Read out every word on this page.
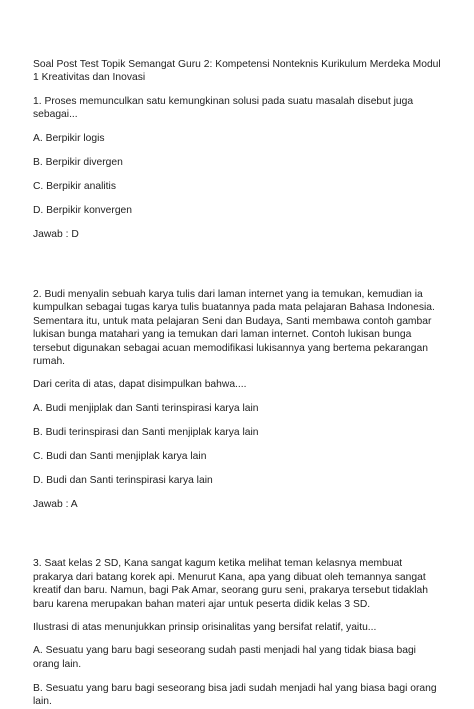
Soal Post Test Topik Semangat Guru 2: Kompetensi Nonteknis Kurikulum Merdeka Modul 1 Kreativitas dan Inovasi

1. Proses memunculkan satu kemungkinan solusi pada suatu masalah disebut juga sebagai...

A. Berpikir logis

B. Berpikir divergen

C. Berpikir analitis

D. Berpikir konvergen

Jawab : D

2. Budi menyalin sebuah karya tulis dari laman internet yang ia temukan, kemudian ia kumpulkan sebagai tugas karya tulis buatannya pada mata pelajaran Bahasa Indonesia. Sementara itu, untuk mata pelajaran Seni dan Budaya, Santi membawa contoh gambar lukisan bunga matahari yang ia temukan dari laman internet. Contoh lukisan bunga tersebut digunakan sebagai acuan memodifikasi lukisannya yang bertema pekarangan rumah.

Dari cerita di atas, dapat disimpulkan bahwa....

A. Budi menjiplak dan Santi terinspirasi karya lain

B. Budi terinspirasi dan Santi menjiplak karya lain

C. Budi dan Santi menjiplak karya lain

D. Budi dan Santi terinspirasi karya lain

Jawab : A

3. Saat kelas 2 SD, Kana sangat kagum ketika melihat teman kelasnya membuat prakarya dari batang korek api. Menurut Kana, apa yang dibuat oleh temannya sangat kreatif dan baru. Namun, bagi Pak Amar, seorang guru seni, prakarya tersebut tidaklah baru karena merupakan bahan materi ajar untuk peserta didik kelas 3 SD.

Ilustrasi di atas menunjukkan prinsip orisinalitas yang bersifat relatif, yaitu...

A. Sesuatu yang baru bagi seseorang sudah pasti menjadi hal yang tidak biasa bagi orang lain.

B. Sesuatu yang baru bagi seseorang bisa jadi sudah menjadi hal yang biasa bagi orang lain.
